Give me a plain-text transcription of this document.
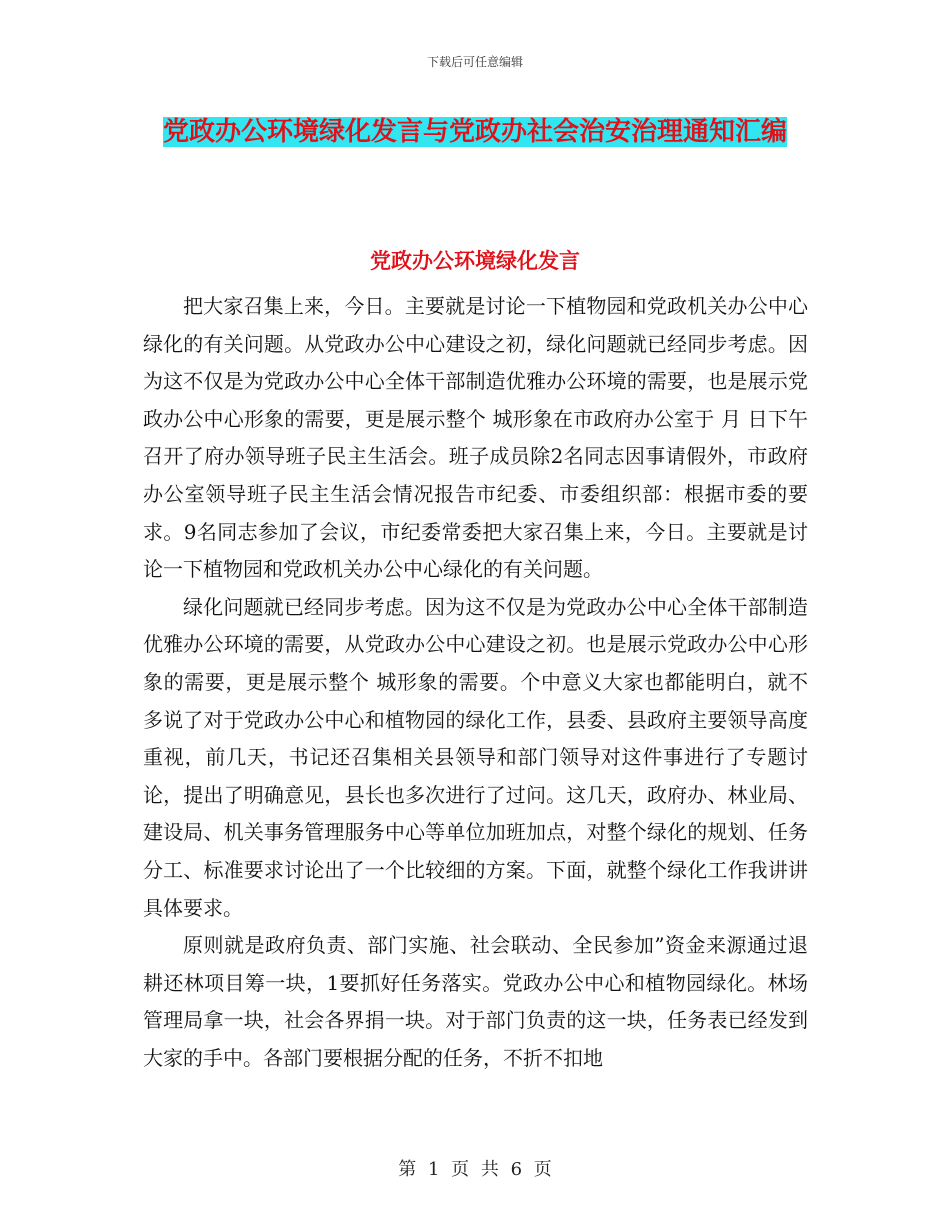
下载后可任意编辑
党政办公环境绿化发言与党政办社会治安治理通知汇编
党政办公环境绿化发言

把大家召集上来，今日。主要就是讨论一下植物园和党政机关办公中心绿化的有关问题。从党政办公中心建设之初，绿化问题就已经同步考虑。因为这不仅是为党政办公中心全体干部制造优雅办公环境的需要，也是展示党政办公中心形象的需要，更是展示整个 城形象在市政府办公室于 月 日下午召开了府办领导班子民主生活会。班子成员除2名同志因事请假外，市政府办公室领导班子民主生活会情况报告市纪委、市委组织部：根据市委的要求。9名同志参加了会议，市纪委常委把大家召集上来，今日。主要就是讨论一下植物园和党政机关办公中心绿化的有关问题。

绿化问题就已经同步考虑。因为这不仅是为党政办公中心全体干部制造优雅办公环境的需要，从党政办公中心建设之初。也是展示党政办公中心形象的需要，更是展示整个 城形象的需要。个中意义大家也都能明白，就不多说了对于党政办公中心和植物园的绿化工作，县委、县政府主要领导高度重视，前几天，书记还召集相关县领导和部门领导对这件事进行了专题讨论，提出了明确意见，县长也多次进行了过问。这几天，政府办、林业局、建设局、机关事务管理服务中心等单位加班加点，对整个绿化的规划、任务分工、标准要求讨论出了一个比较细的方案。下面，就整个绿化工作我讲讲具体要求。

原则就是政府负责、部门实施、社会联动、全民参加”资金来源通过退耕还林项目筹一块，1要抓好任务落实。党政办公中心和植物园绿化。林场管理局拿一块，社会各界捐一块。对于部门负责的这一块，任务表已经发到大家的手中。各部门要根据分配的任务，不折不扣地

第 1 页 共 6 页
